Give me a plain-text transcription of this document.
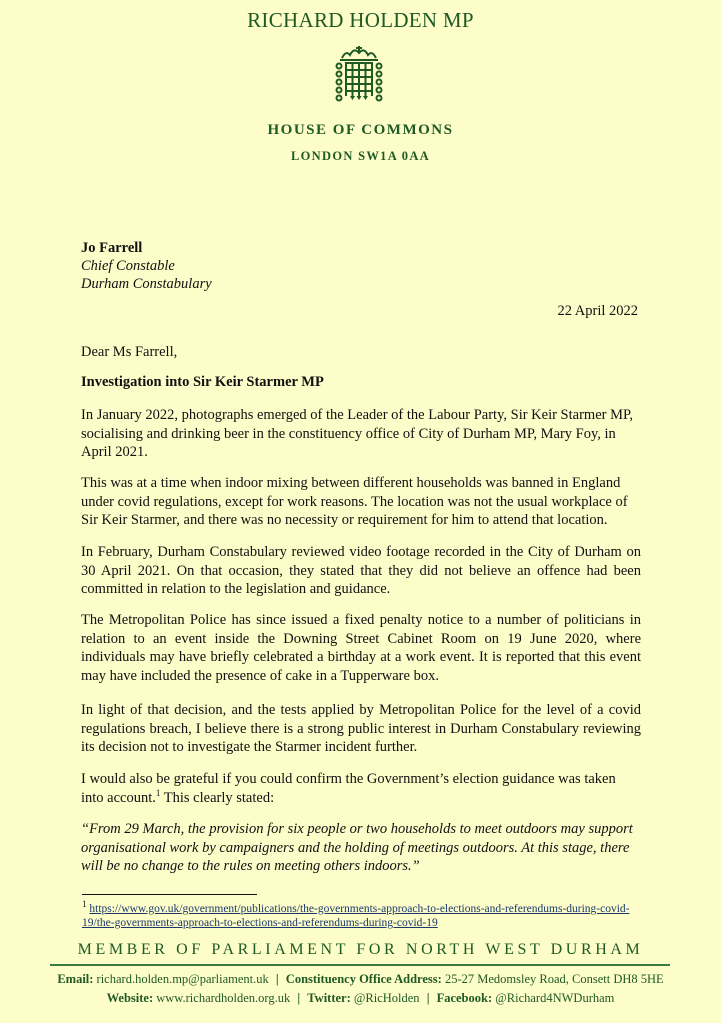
RICHARD HOLDEN MP
HOUSE OF COMMONS
LONDON SW1A 0AA
Jo Farrell
Chief Constable
Durham Constabulary
22 April 2022
Dear Ms Farrell,
Investigation into Sir Keir Starmer MP
In January 2022, photographs emerged of the Leader of the Labour Party, Sir Keir Starmer MP, socialising and drinking beer in the constituency office of City of Durham MP, Mary Foy, in April 2021.
This was at a time when indoor mixing between different households was banned in England under covid regulations, except for work reasons. The location was not the usual workplace of Sir Keir Starmer, and there was no necessity or requirement for him to attend that location.
In February, Durham Constabulary reviewed video footage recorded in the City of Durham on 30 April 2021. On that occasion, they stated that they did not believe an offence had been committed in relation to the legislation and guidance.
The Metropolitan Police has since issued a fixed penalty notice to a number of politicians in relation to an event inside the Downing Street Cabinet Room on 19 June 2020, where individuals may have briefly celebrated a birthday at a work event. It is reported that this event may have included the presence of cake in a Tupperware box.
In light of that decision, and the tests applied by Metropolitan Police for the level of a covid regulations breach, I believe there is a strong public interest in Durham Constabulary reviewing its decision not to investigate the Starmer incident further.
I would also be grateful if you could confirm the Government’s election guidance was taken into account.$^1$ This clearly stated:
“From 29 March, the provision for six people or two households to meet outdoors may support organisational work by campaigners and the holding of meetings outdoors. At this stage, there will be no change to the rules on meeting others indoors.”
$^1$ https://www.gov.uk/government/publications/the-governments-approach-to-elections-and-referendums-during-covid-19/the-governments-approach-to-elections-and-referendums-during-covid-19
MEMBER OF PARLIAMENT FOR NORTH WEST DURHAM
Email: richard.holden.mp@parliament.uk | Constituency Office Address: 25-27 Medomsley Road, Consett DH8 5HE
Website: www.richardholden.org.uk | Twitter: @RicHolden | Facebook: @Richard4NWDurham
